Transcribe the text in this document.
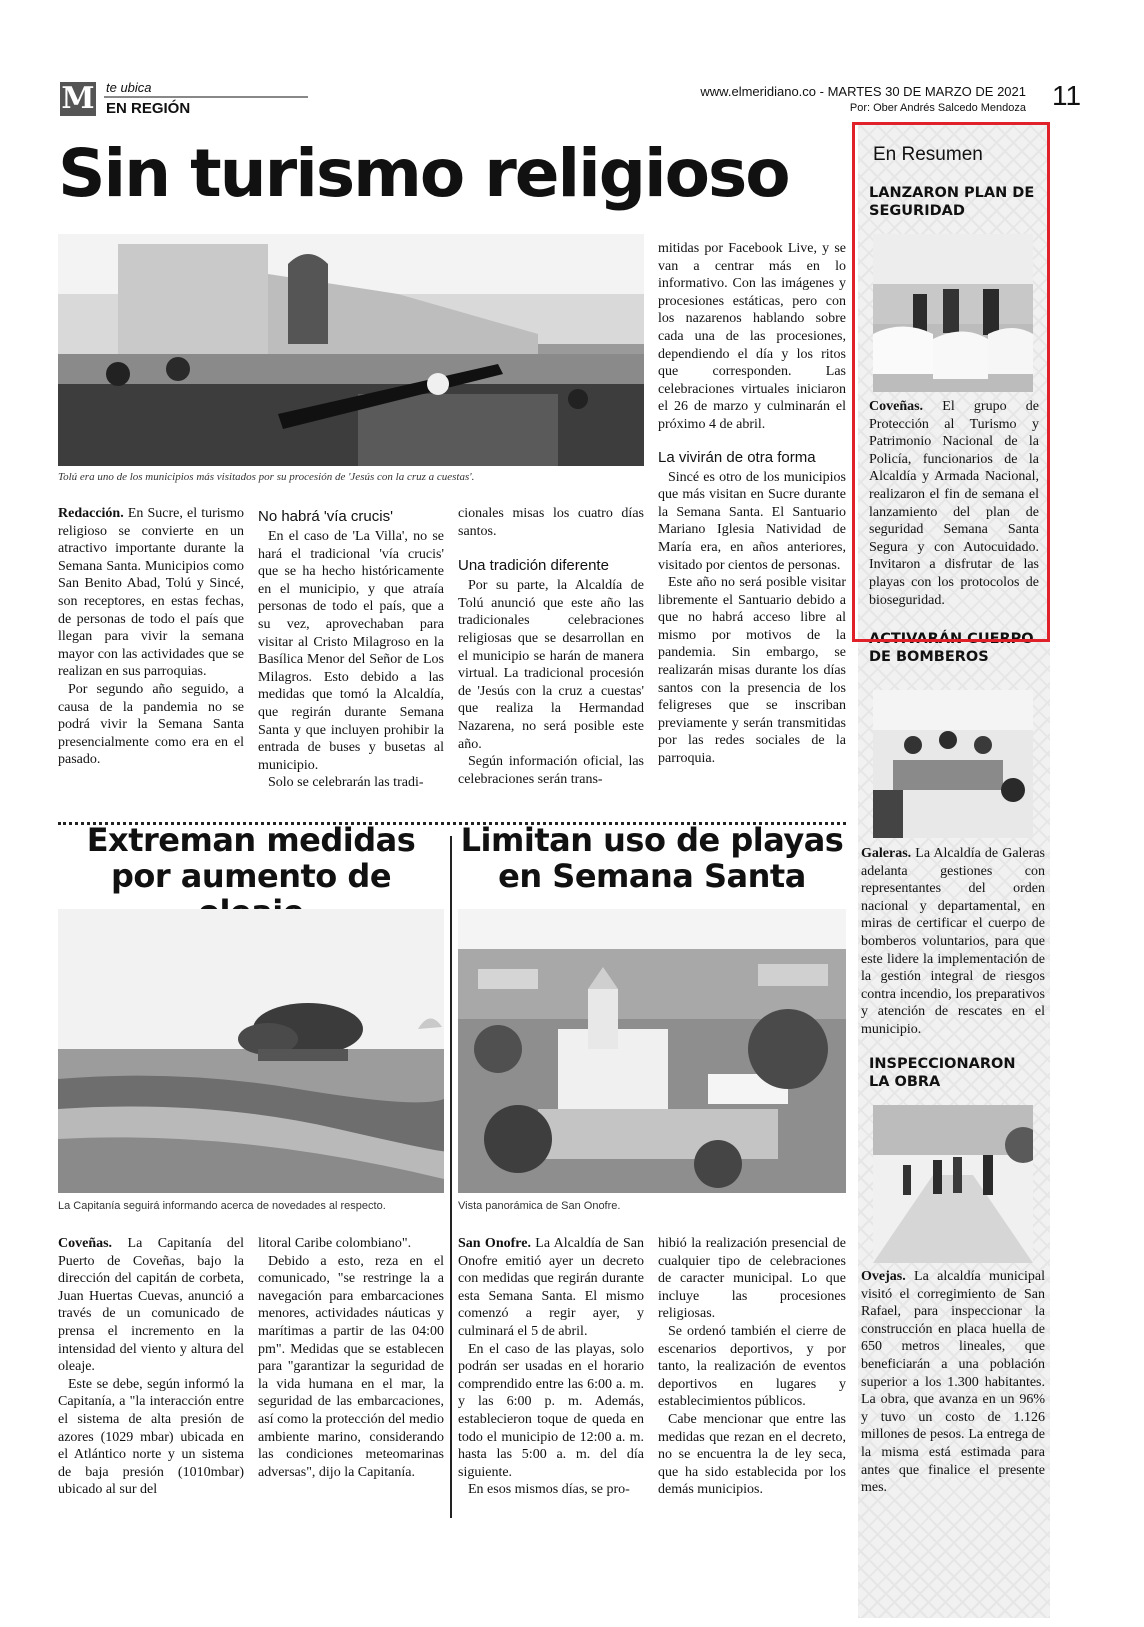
M te ubica
EN REGIÓN
www.elmeridiano.co - MARTES 30 DE MARZO DE 2021
Por: Ober Andrés Salcedo Mendoza 11
Sin turismo religioso
Tolú era uno de los municipios más visitados por su procesión de 'Jesús con la cruz a cuestas'.

Redacción. En Sucre, el turismo religioso se convierte en un atractivo importante durante la Semana Santa. Municipios como San Benito Abad, Tolú y Sincé, son receptores, en estas fechas, de personas de todo el país que llegan para vivir la semana mayor con las actividades que se realizan en sus parroquias.

Por segundo año seguido, a causa de la pandemia no se podrá vivir la Semana Santa presencialmente como era en el pasado.

No habrá 'vía crucis'

En el caso de 'La Villa', no se hará el tradicional 'vía crucis' que se ha hecho históricamente en el municipio, y que atraía personas de todo el país, que a su vez, aprovechaban para visitar al Cristo Milagroso en la Basílica Menor del Señor de Los Milagros. Esto debido a las medidas que tomó la Alcaldía, que regirán durante Semana Santa y que incluyen prohibir la entrada de buses y busetas al municipio.

Solo se celebrarán las tradi-

cionales misas los cuatro días santos.

Una tradición diferente

Por su parte, la Alcaldía de Tolú anunció que este año las tradicionales celebraciones religiosas que se desarrollan en el municipio se harán de manera virtual. La tradicional procesión de 'Jesús con la cruz a cuestas' que realiza la Hermandad Nazarena, no será posible este año.

Según información oficial, las celebraciones serán trans-

mitidas por Facebook Live, y se van a centrar más en lo informativo. Con las imágenes y procesiones estáticas, pero con los nazarenos hablando sobre cada una de las procesiones, dependiendo el día y los ritos que corresponden. Las celebraciones virtuales iniciaron el 26 de marzo y culminarán el próximo 4 de abril.

La vivirán de otra forma

Sincé es otro de los municipios que más visitan en Sucre durante la Semana Santa. El Santuario Mariano Iglesia Natividad de María era, en años anteriores, visitado por cientos de personas.

Este año no será posible visitar libremente el Santuario debido a que no habrá acceso libre al mismo por motivos de la pandemia. Sin embargo, se realizarán misas durante los días santos con la presencia de los feligreses que se inscriban previamente y serán transmitidas por las redes sociales de la parroquia.

Extreman medidas por aumento de
La Capitanía seguirá informando acerca de novedades al respecto.

Coveñas. La Capitanía del Puerto de Coveñas, bajo la dirección del capitán de corbeta, Juan Huertas Cuevas, anunció a través de un comunicado de prensa el incremento en la intensidad del viento y altura del oleaje.

Este se debe, según informó la Capitanía, a "la interacción entre el sistema de alta presión de azores (1029 mbar) ubicada en el Atlántico norte y un sistema de baja presión (1010mbar) ubicado al sur del

litoral Caribe colombiano".

Debido a esto, reza en el comunicado, "se restringe la a navegación para embarcaciones menores, actividades náuticas y marítimas a partir de las 04:00 pm". Medidas que se establecen para "garantizar la seguridad de la vida humana en el mar, la seguridad de las embarcaciones, así como la protección del medio ambiente marino, considerando las condiciones meteomarinas adversas", dijo la Capitanía.

Limitan uso de playas en Semana Santa
Vista panorámica de San Onofre.

San Onofre. La Alcaldía de San Onofre emitió ayer un decreto con medidas que regirán durante esta Semana Santa. El mismo comenzó a regir ayer, y culminará el 5 de abril.

En el caso de las playas, solo podrán ser usadas en el horario comprendido entre las 6:00 a. m. y las 6:00 p. m. Además, establecieron toque de queda en todo el municipio de 12:00 a. m. hasta las 5:00 a. m. del día siguiente.

En esos mismos días, se pro-

hibió la realización presencial de cualquier tipo de celebraciones de caracter municipal. Lo que incluye las procesiones religiosas.

Se ordenó también el cierre de escenarios deportivos, y por tanto, la realización de eventos deportivos en lugares y establecimientos públicos.

Cabe mencionar que entre las medidas que rezan en el decreto, no se encuentra la de ley seca, que ha sido establecida por los demás municipios.

En Resumen
LANZARON PLAN DE SEGURIDAD
Coveñas. El grupo de Protección al Turismo y Patrimonio Nacional de la Policía, funcionarios de la Alcaldía y Armada Nacional, realizaron el fin de semana el lanzamiento del plan de seguridad Semana Santa Segura y con Autocuidado. Invitaron a disfrutar de las playas con los protocolos de bioseguridad.
ACTIVARÁN CUERPO DE BOMBEROS
Galeras. La Alcaldía de Galeras adelanta gestiones con representantes del orden nacional y departamental, en miras de certificar el cuerpo de bomberos voluntarios, para que este lidere la implementación de la gestión integral de riesgos contra incendio, los preparativos y atención de rescates en el municipio.
INSPECCIONARON LA OBRA
Ovejas. La alcaldía municipal visitó el corregimiento de San Rafael, para inspeccionar la construcción en placa huella de 650 metros lineales, que beneficiarán a una población superior a los 1.300 habitantes. La obra, que avanza en un 96% y tuvo un costo de 1.126 millones de pesos. La entrega de la misma está estimada para antes que finalice el presente mes.
